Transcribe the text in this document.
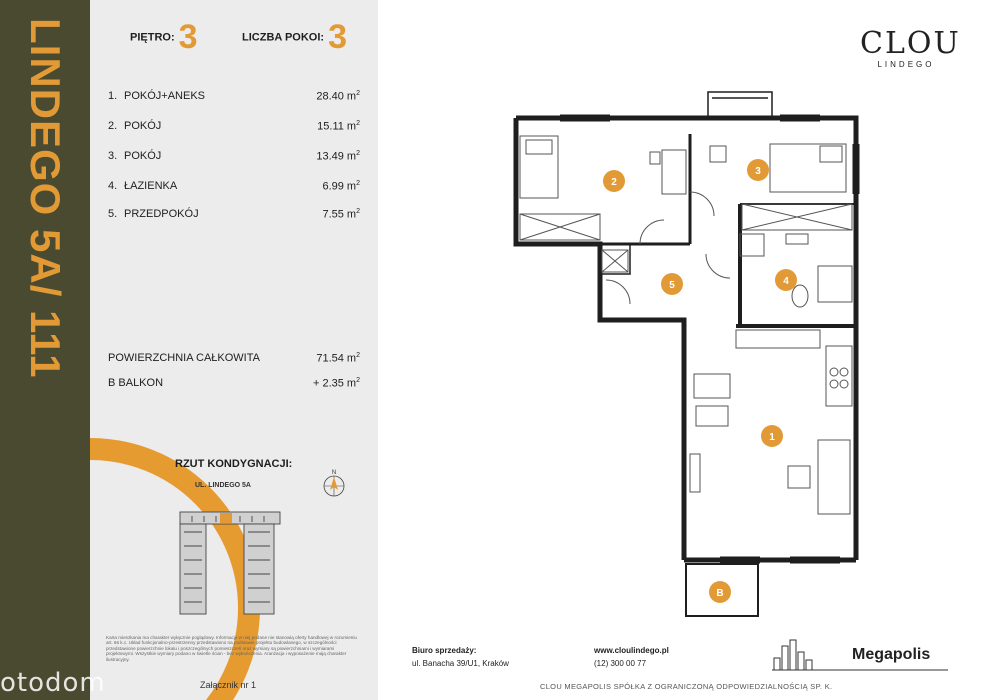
LINDEGO 5A/ 111	PIĘTRO: 3	LICZBA POKOI: 3
1. POKÓJ+ANEKS	28.40 $m^2$
2. POKÓJ	15.11 $m^2$
3. POKÓJ	13.49 $m^2$
4. ŁAZIENKA	6.99 $m^2$
5. PRZEDPOKÓJ	7.55 $m^2$
POWIERZCHNIA CAŁKOWITA	71.54 $m^2$
B BALKON	+ 2.35 $m^2$
RZUT KONDYGNACJI:
UL. LINDEGO 5A
N
Karta mieszkania ma charakter wyłącznie poglądowy. Informacje w niej podane nie stanowią oferty handlowej w rozumieniu art. 66 k.c. Układ funkcjonalno-przestrzenny przedstawiono na podstawie projektu budowlanego, w szczególności przedstawione powierzchnie lokalu i poszczególnych pomieszczeń oraz wymiary są powierzchniami i wymiarami projektowymi. Wszystkie wymiary podano w świetle ścian - bez wykończenia. Aranżacja i wyposażenie mają charakter ilustracyjny.
Załącznik nr 1
otodom
CLOU
LINDEGO
1
2
3
4
5
B
Biuro sprzedaży:
ul. Banacha 39/U1, Kraków
www.cloulindego.pl
(12) 300 00 77
Megapolis
CLOU MEGAPOLIS SPÓŁKA Z OGRANICZONĄ ODPOWIEDZIALNOŚCIĄ SP. K.
